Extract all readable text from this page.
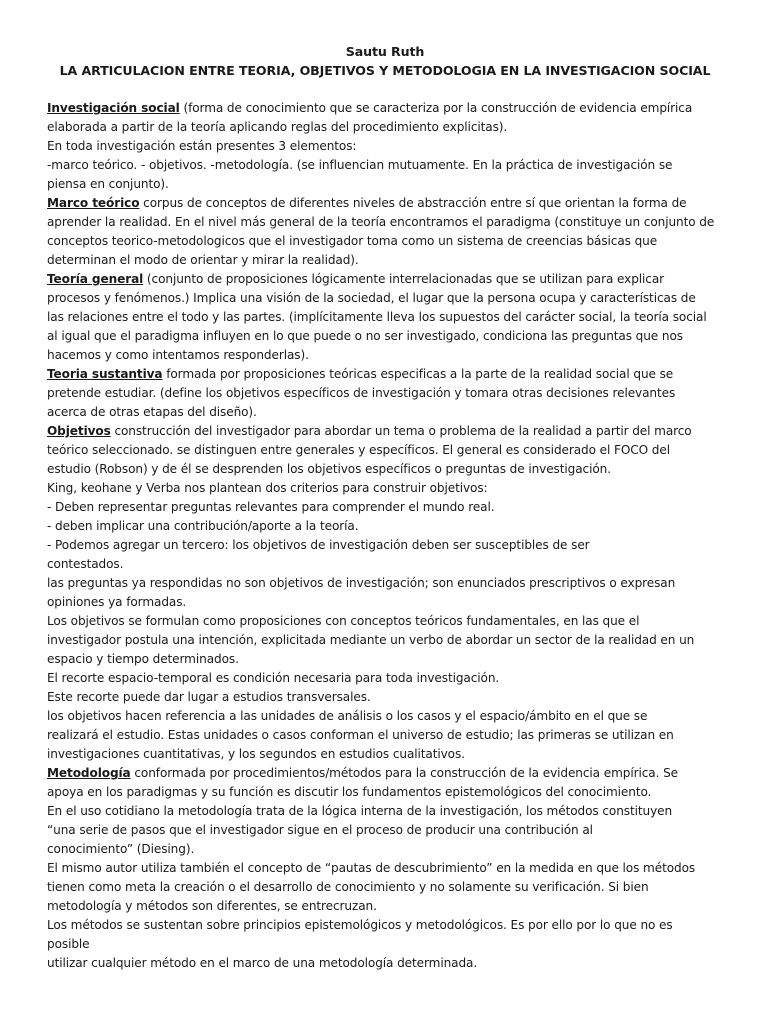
Sautu Ruth

LA ARTICULACION ENTRE TEORIA, OBJETIVOS Y METODOLOGIA EN LA INVESTIGACION SOCIAL

Investigación social (forma de conocimiento que se caracteriza por la construcción de evidencia empírica

elaborada a partir de la teoría aplicando reglas del procedimiento explicitas).

En toda investigación están presentes 3 elementos:

-marco teórico. - objetivos. -metodología. (se influencian mutuamente. En la práctica de investigación se

piensa en conjunto).

Marco teórico corpus de conceptos de diferentes niveles de abstracción entre sí que orientan la forma de

aprender la realidad. En el nivel más general de la teoría encontramos el paradigma (constituye un conjunto de

conceptos teorico-metodologicos que el investigador toma como un sistema de creencias básicas que

determinan el modo de orientar y mirar la realidad).

Teoría general (conjunto de proposiciones lógicamente interrelacionadas que se utilizan para explicar

procesos y fenómenos.) Implica una visión de la sociedad, el lugar que la persona ocupa y características de

las relaciones entre el todo y las partes. (implícitamente lleva los supuestos del carácter social, la teoría social

al igual que el paradigma influyen en lo que puede o no ser investigado, condiciona las preguntas que nos

hacemos y como intentamos responderlas).

Teoria sustantiva formada por proposiciones teóricas especificas a la parte de la realidad social que se

pretende estudiar. (define los objetivos específicos de investigación y tomara otras decisiones relevantes

acerca de otras etapas del diseño).

Objetivos construcción del investigador para abordar un tema o problema de la realidad a partir del marco

teórico seleccionado. se distinguen entre generales y específicos. El general es considerado el FOCO del

estudio (Robson) y de él se desprenden los objetivos específicos o preguntas de investigación.

King, keohane y Verba nos plantean dos criterios para construir objetivos:

- Deben representar preguntas relevantes para comprender el mundo real.

- deben implicar una contribución/aporte a la teoría.

- Podemos agregar un tercero: los objetivos de investigación deben ser susceptibles de ser

contestados.

las preguntas ya respondidas no son objetivos de investigación; son enunciados prescriptivos o expresan

opiniones ya formadas.

Los objetivos se formulan como proposiciones con conceptos teóricos fundamentales, en las que el

investigador postula una intención, explicitada mediante un verbo de abordar un sector de la realidad en un

espacio y tiempo determinados.

El recorte espacio-temporal es condición necesaria para toda investigación.

Este recorte puede dar lugar a estudios transversales.

los objetivos hacen referencia a las unidades de análisis o los casos y el espacio/ámbito en el que se

realizará el estudio. Estas unidades o casos conforman el universo de estudio; las primeras se utilizan en

investigaciones cuantitativas, y los segundos en estudios cualitativos.

Metodología conformada por procedimientos/métodos para la construcción de la evidencia empírica. Se

apoya en los paradigmas y su función es discutir los fundamentos epistemológicos del conocimiento.

En el uso cotidiano la metodología trata de la lógica interna de la investigación, los métodos constituyen

“una serie de pasos que el investigador sigue en el proceso de producir una contribución al

conocimiento” (Diesing).

El mismo autor utiliza también el concepto de “pautas de descubrimiento” en la medida en que los métodos

tienen como meta la creación o el desarrollo de conocimiento y no solamente su verificación. Si bien

metodología y métodos son diferentes, se entrecruzan.

Los métodos se sustentan sobre principios epistemológicos y metodológicos. Es por ello por lo que no es

posible

utilizar cualquier método en el marco de una metodología determinada.
